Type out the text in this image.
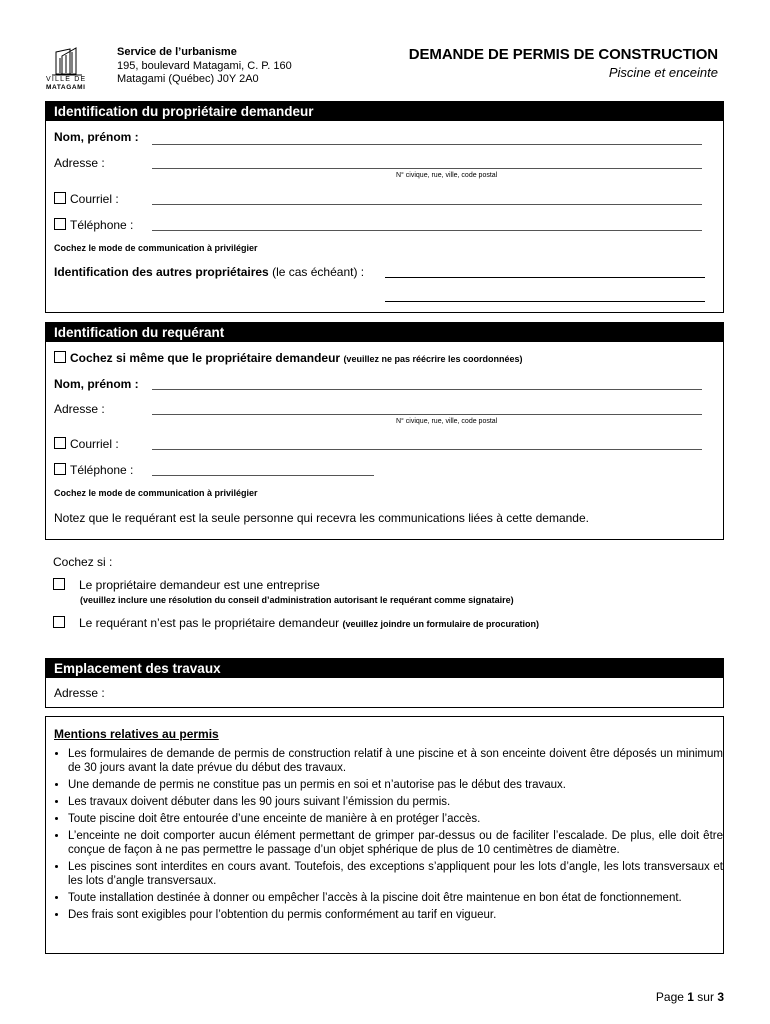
VILLE DE
MATAGAMI
Service de l’urbanisme
195, boulevard Matagami, C. P. 160
Matagami (Québec) J0Y 2A0
DEMANDE DE PERMIS DE CONSTRUCTION
Piscine et enceinte
Identification du propriétaire demandeur
Nom, prénom :
Adresse :
N° civique, rue, ville, code postal
Courriel :
Téléphone :
Cochez le mode de communication à privilégier
Identification des autres propriétaires (le cas échéant) :
Identification du requérant
Cochez si même que le propriétaire demandeur (veuillez ne pas réécrire les coordonnées)
Nom, prénom :
Adresse :
N° civique, rue, ville, code postal
Courriel :
Téléphone :
Cochez le mode de communication à privilégier
Notez que le requérant est la seule personne qui recevra les communications liées à cette demande.
Cochez si :
Le propriétaire demandeur est une entreprise
(veuillez inclure une résolution du conseil d’administration autorisant le requérant comme signataire)
Le requérant n’est pas le propriétaire demandeur (veuillez joindre un formulaire de procuration)
Emplacement des travaux
Adresse :
Mentions relatives au permis
• Les formulaires de demande de permis de construction relatif à une piscine et à son enceinte doivent être déposés un minimum de 30 jours avant la date prévue du début des travaux.
• Une demande de permis ne constitue pas un permis en soi et n’autorise pas le début des travaux.
• Les travaux doivent débuter dans les 90 jours suivant l’émission du permis.
• Toute piscine doit être entourée d’une enceinte de manière à en protéger l’accès.
• L’enceinte ne doit comporter aucun élément permettant de grimper par-dessus ou de faciliter l’escalade. De plus, elle doit être conçue de façon à ne pas permettre le passage d’un objet sphérique de plus de 10 centimètres de diamètre.
• Les piscines sont interdites en cours avant. Toutefois, des exceptions s’appliquent pour les lots d’angle, les lots transversaux et les lots d’angle transversaux.
• Toute installation destinée à donner ou empêcher l’accès à la piscine doit être maintenue en bon état de fonctionnement.
• Des frais sont exigibles pour l’obtention du permis conformément au tarif en vigueur.
Page 1 sur 3
